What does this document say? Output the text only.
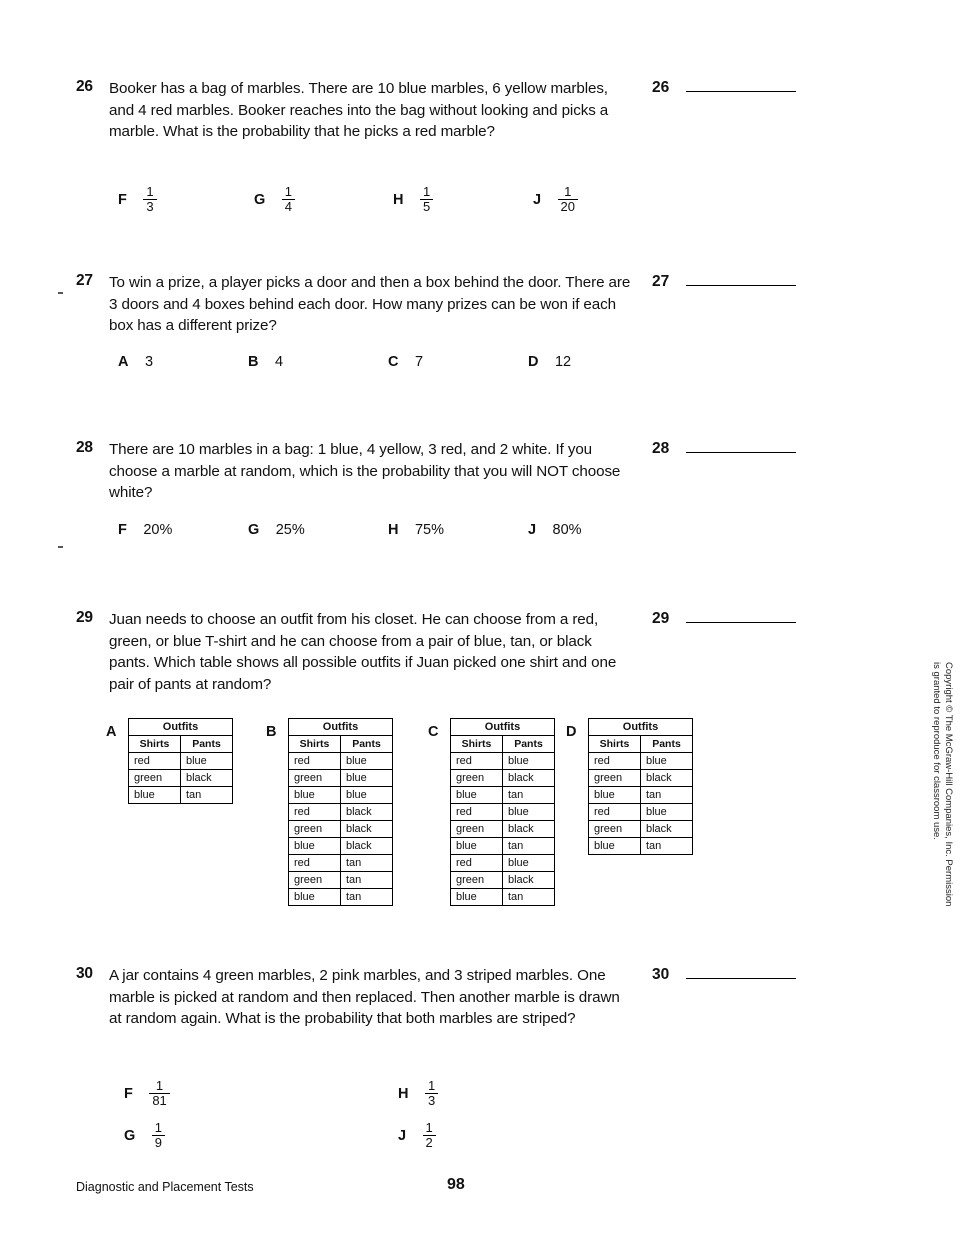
26 Booker has a bag of marbles. There are 10 blue marbles, 6 yellow marbles, and 4 red marbles. Booker reaches into the bag without looking and picks a marble. What is the probability that he picks a red marble?
26
F $\frac{1}{3}$	G $\frac{1}{4}$	H $\frac{1}{5}$	J $\frac{1}{20}$
27 To win a prize, a player picks a door and then a box behind the door. There are 3 doors and 4 boxes behind each door. How many prizes can be won if each box has a different prize?
27
A 3	B 4	C 7	D 12
28 There are 10 marbles in a bag: 1 blue, 4 yellow, 3 red, and 2 white. If you choose a marble at random, which is the probability that you will NOT choose white?
28
F 20%	G 25%	H 75%	J 80%
29 Juan needs to choose an outfit from his closet. He can choose from a red, green, or blue T-shirt and he can choose from a pair of blue, tan, or black pants. Which table shows all possible outfits if Juan picked one shirt and one pair of pants at random?
29
A	Outfits	
Shirts	Pants
red	blue
green	black
blue	tan
B	Outfits	
Shirts	Pants
red	blue
green	blue
blue	blue
red	black
green	black
blue	black
red	tan
green	tan
blue	tan
C	Outfits	
Shirts	Pants
red	blue
green	black
blue	tan
red	blue
green	black
blue	tan
red	blue
green	black
blue	tan
D	Outfits	
Shirts	Pants
red	blue
green	black
blue	tan
red	blue
green	black
blue	tan
30 A jar contains 4 green marbles, 2 pink marbles, and 3 striped marbles. One marble is picked at random and then replaced. Then another marble is drawn at random again. What is the probability that both marbles are striped?
30
F $\frac{1}{81}$
G $\frac{1}{9}$
H $\frac{1}{3}$
J $\frac{1}{2}$
Diagnostic and Placement Tests	98
Copyright © The McGraw-Hill Companies, Inc. Permission
is granted to reproduce for classroom use.
